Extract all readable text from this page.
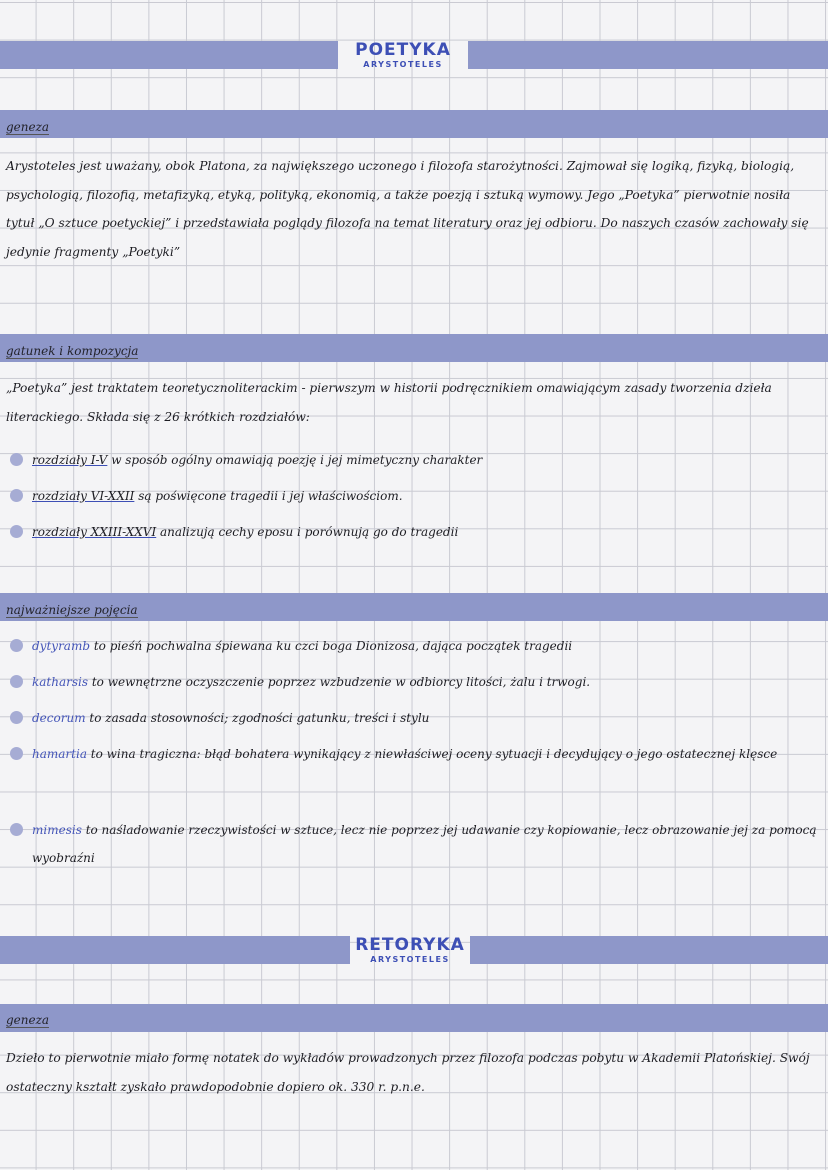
POETYKA
ARYSTOTELES
geneza
Arystoteles jest uważany, obok Platona, za największego uczonego i filozofa starożytności. Zajmował się logiką, fizyką, biologią, psychologią, filozofią, metafizyką, etyką, polityką, ekonomią, a także poezją i sztuką wymowy. Jego „Poetyka” pierwotnie nosiła tytuł „O sztuce poetyckiej” i przedstawiała poglądy filozofa na temat literatury oraz jej odbioru. Do naszych czasów zachowały się jedynie fragmenty „Poetyki”
gatunek i kompozycja
„Poetyka” jest traktatem teoretycznoliterackim - pierwszym w historii podręcznikiem omawiającym zasady tworzenia dzieła literackiego. Składa się z 26 krótkich rozdziałów:
rozdziały I-V w sposób ogólny omawiają poezję i jej mimetyczny charakter
rozdziały VI-XXII są poświęcone tragedii i jej właściwościom.
rozdziały XXIII-XXVI analizują cechy eposu i porównują go do tragedii
najważniejsze pojęcia
dytyramb to pieśń pochwalna śpiewana ku czci boga Dionizosa, dająca początek tragedii
katharsis to wewnętrzne oczyszczenie poprzez wzbudzenie w odbiorcy litości, żalu i trwogi.
decorum to zasada stosowności; zgodności gatunku, treści i stylu
hamartia to wina tragiczna: błąd bohatera wynikający z niewłaściwej oceny sytuacji i decydujący o jego ostatecznej klęsce
mimesis to naśladowanie rzeczywistości w sztuce, lecz nie poprzez jej udawanie czy kopiowanie, lecz obrazowanie jej za pomocą wyobraźni
RETORYKA
ARYSTOTELES
geneza
Dzieło to pierwotnie miało formę notatek do wykładów prowadzonych przez filozofa podczas pobytu w Akademii Platońskiej. Swój ostateczny kształt zyskało prawdopodobnie dopiero ok. 330 r. p.n.e.
